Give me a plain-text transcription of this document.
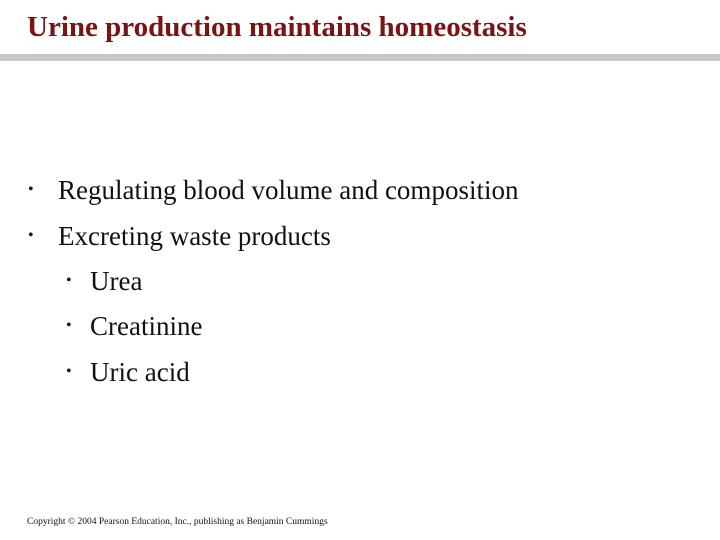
Urine production maintains homeostasis
• Regulating blood volume and composition
• Excreting waste products
• Urea
• Creatinine
• Uric acid
Copyright © 2004 Pearson Education, Inc., publishing as Benjamin Cummings
